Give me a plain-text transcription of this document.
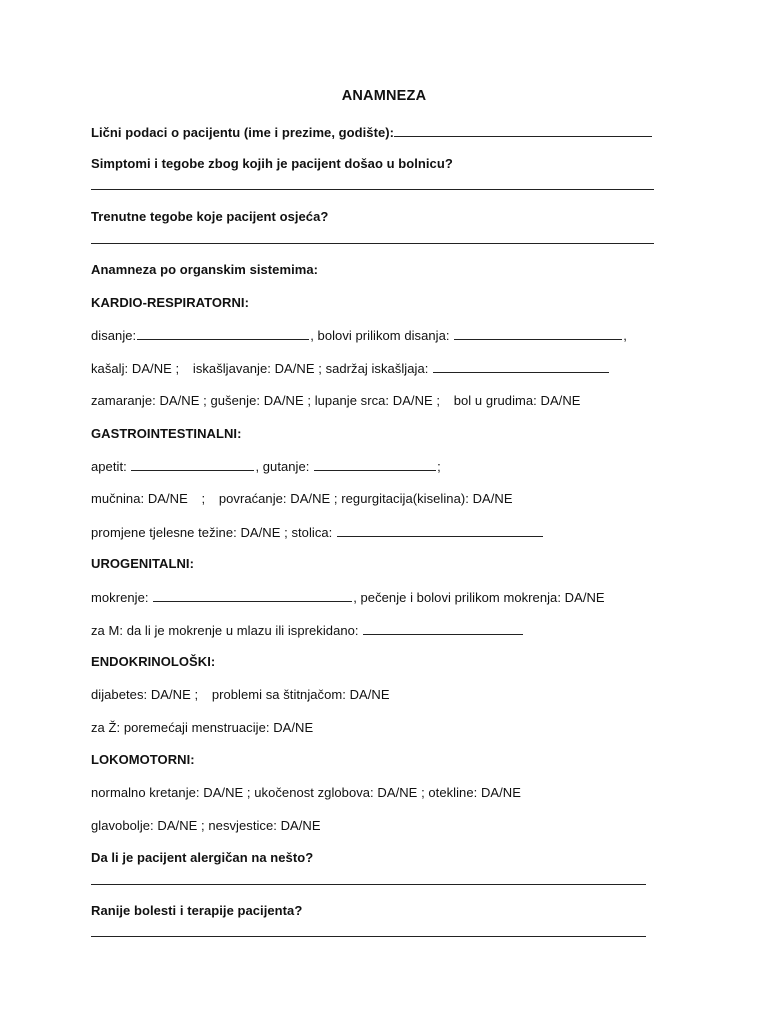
ANAMNEZA
Lični podaci o pacijentu (ime i prezime, godište):
Simptomi i tegobe zbog kojih je pacijent došao u bolnicu?
Trenutne tegobe koje pacijent osjeća?
Anamneza po organskim sistemima:
KARDIO-RESPIRATORNI:
disanje:	, bolovi prilikom disanja:	,
kašalj: DA/NE ; iskašljavanje: DA/NE ; sadržaj iskašljaja:
zamaranje: DA/NE ; gušenje: DA/NE ; lupanje srca: DA/NE ; bol u grudima: DA/NE
GASTROINTESTINALNI:
apetit:	, gutanje:	;
mučnina: DA/NE ; povraćanje: DA/NE ; regurgitacija(kiselina): DA/NE
promjene tjelesne težine: DA/NE ; stolica:
UROGENITALNI:
mokrenje:	, pečenje i bolovi prilikom mokrenja: DA/NE
za M: da li je mokrenje u mlazu ili isprekidano:
ENDOKRINOLOŠKI:
dijabetes: DA/NE ; problemi sa štitnjačom: DA/NE
za Ž: poremećaji menstruacije: DA/NE
LOKOMOTORNI:
normalno kretanje: DA/NE ; ukočenost zglobova: DA/NE ; otekline: DA/NE
glavobolje: DA/NE ; nesvjestice: DA/NE
Da li je pacijent alergičan na nešto?
Ranije bolesti i terapije pacijenta?
